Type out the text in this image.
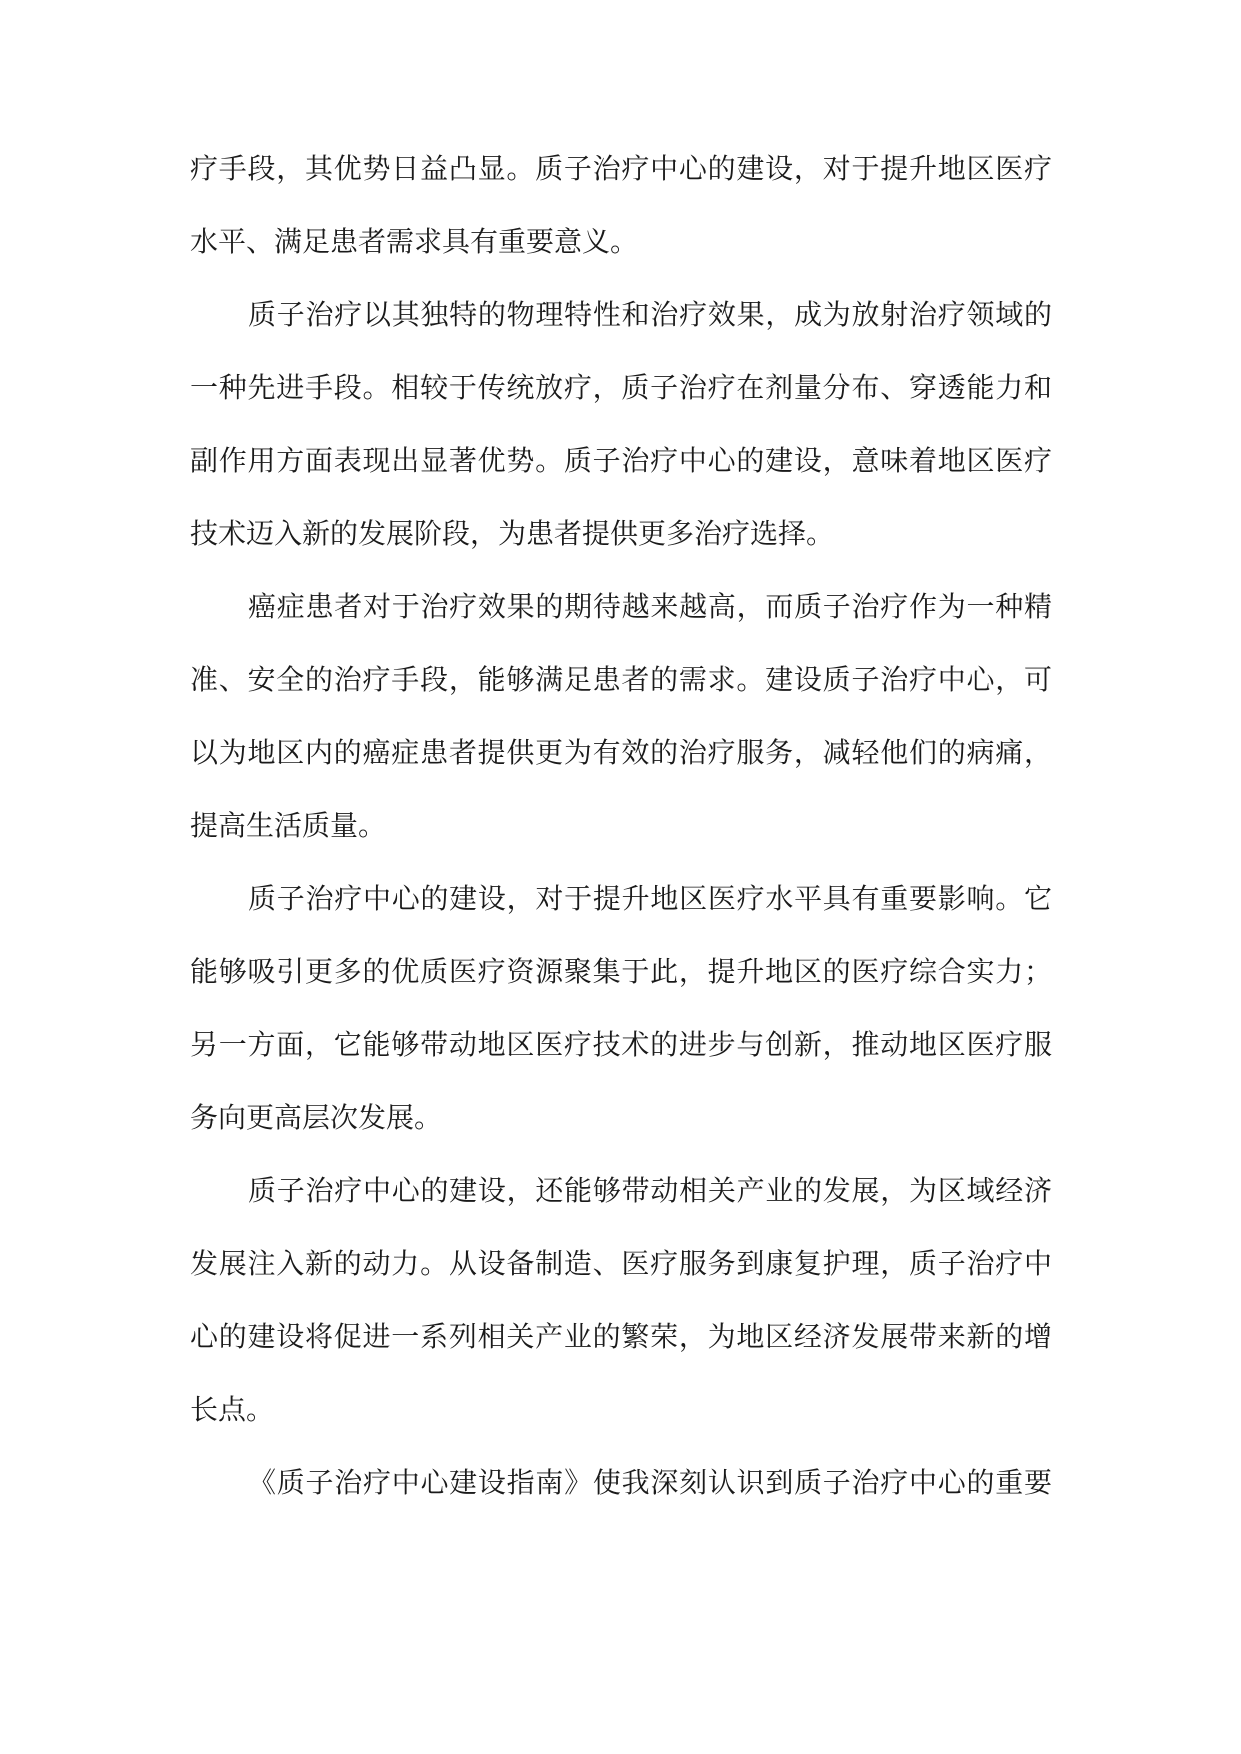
疗手段，其优势日益凸显。质子治疗中心的建设，对于提升地区医疗
水平、满足患者需求具有重要意义。

质子治疗以其独特的物理特性和治疗效果，成为放射治疗领域的
一种先进手段。相较于传统放疗，质子治疗在剂量分布、穿透能力和
副作用方面表现出显著优势。质子治疗中心的建设，意味着地区医疗
技术迈入新的发展阶段，为患者提供更多治疗选择。

癌症患者对于治疗效果的期待越来越高，而质子治疗作为一种精
准、安全的治疗手段，能够满足患者的需求。建设质子治疗中心，可
以为地区内的癌症患者提供更为有效的治疗服务，减轻他们的病痛，
提高生活质量。

质子治疗中心的建设，对于提升地区医疗水平具有重要影响。它
能够吸引更多的优质医疗资源聚集于此，提升地区的医疗综合实力；
另一方面，它能够带动地区医疗技术的进步与创新，推动地区医疗服
务向更高层次发展。

质子治疗中心的建设，还能够带动相关产业的发展，为区域经济
发展注入新的动力。从设备制造、医疗服务到康复护理，质子治疗中
心的建设将促进一系列相关产业的繁荣，为地区经济发展带来新的增
长点。

《质子治疗中心建设指南》使我深刻认识到质子治疗中心的重要
